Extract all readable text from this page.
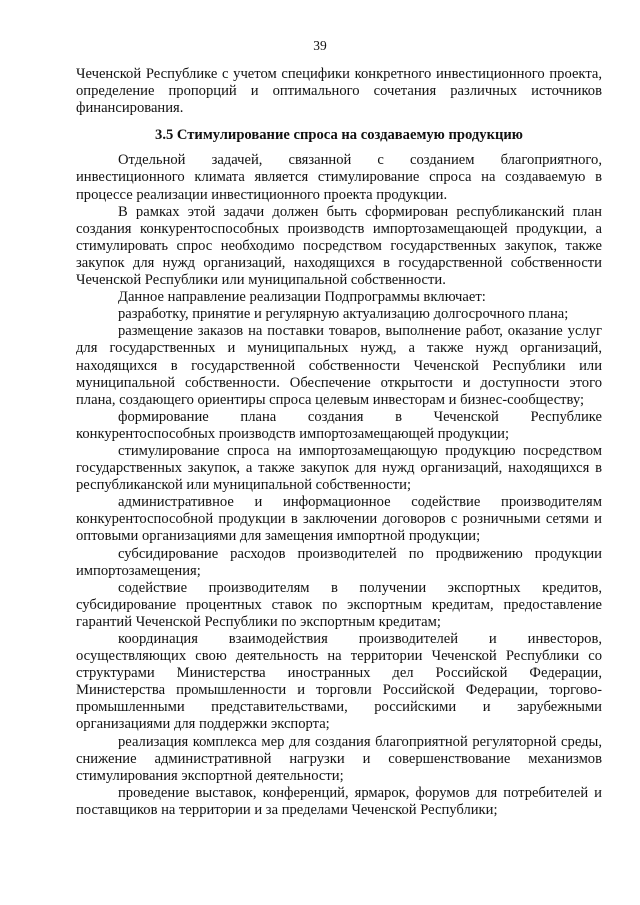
39

Чеченской Республике с учетом специфики конкретного инвестиционного проекта, определение пропорций и оптимального сочетания различных источников финансирования.

3.5 Стимулирование спроса на создаваемую продукцию

Отдельной задачей, связанной с созданием благоприятного, инвестиционного климата является стимулирование спроса на создаваемую в процессе реализации инвестиционного проекта продукции.

В рамках этой задачи должен быть сформирован республиканский план создания конкурентоспособных производств импортозамещающей продукции, а стимулировать спрос необходимо посредством государственных закупок, также закупок для нужд организаций, находящихся в государственной собственности Чеченской Республики или муниципальной собственности.

Данное направление реализации Подпрограммы включает:

разработку, принятие и регулярную актуализацию долгосрочного плана;

размещение заказов на поставки товаров, выполнение работ, оказание услуг для государственных и муниципальных нужд, а также нужд организаций, находящихся в государственной собственности Чеченской Республики или муниципальной собственности. Обеспечение открытости и доступности этого плана, создающего ориентиры спроса целевым инвесторам и бизнес-сообществу;

формирование плана создания в Чеченской Республике конкурентоспособных производств импортозамещающей продукции;

стимулирование спроса на импортозамещающую продукцию посредством государственных закупок, а также закупок для нужд организаций, находящихся в республиканской или муниципальной собственности;

административное и информационное содействие производителям конкурентоспособной продукции в заключении договоров с розничными сетями и оптовыми организациями для замещения импортной продукции;

субсидирование расходов производителей по продвижению продукции импортозамещения;

содействие производителям в получении экспортных кредитов, субсидирование процентных ставок по экспортным кредитам, предоставление гарантий Чеченской Республики по экспортным кредитам;

координация взаимодействия производителей и инвесторов, осуществляющих свою деятельность на территории Чеченской Республики со структурами Министерства иностранных дел Российской Федерации, Министерства промышленности и торговли Российской Федерации, торгово-промышленными представительствами, российскими и зарубежными организациями для поддержки экспорта;

реализация комплекса мер для создания благоприятной регуляторной среды, снижение административной нагрузки и совершенствование механизмов стимулирования экспортной деятельности;

проведение выставок, конференций, ярмарок, форумов для потребителей и поставщиков на территории и за пределами Чеченской Республики;
